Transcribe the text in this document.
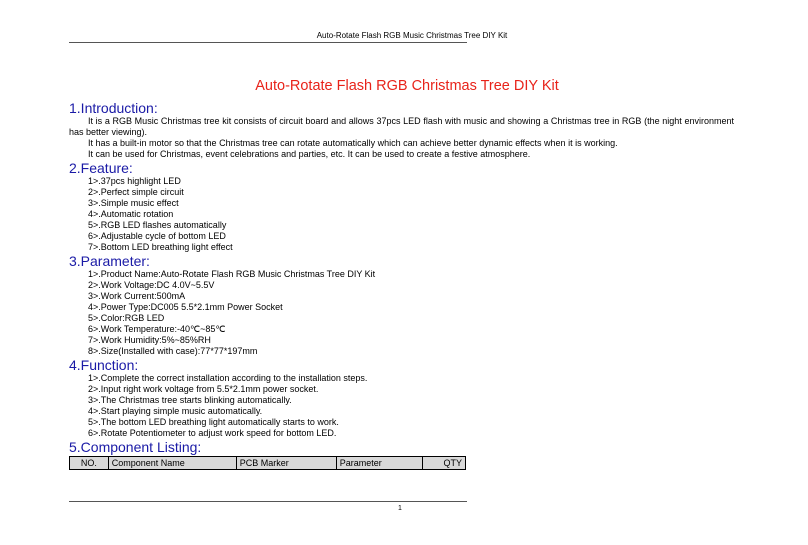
Auto-Rotate Flash RGB Music Christmas Tree DIY Kit
Auto-Rotate Flash RGB Christmas Tree DIY Kit
1.Introduction:

It is a RGB Music Christmas tree kit consists of circuit board and allows 37pcs LED flash with music and showing a Christmas tree in RGB (the night environment has better viewing).

It has a built-in motor so that the Christmas tree can rotate automatically which can achieve better dynamic effects when it is working.

It can be used for Christmas, event celebrations and parties, etc. It can be used to create a festive atmosphere.

2.Feature:
1>.37pcs highlight LED
2>.Perfect simple circuit
3>.Simple music effect
4>.Automatic rotation
5>.RGB LED flashes automatically
6>.Adjustable cycle of bottom LED
7>.Bottom LED breathing light effect
3.Parameter:
1>.Product Name:Auto-Rotate Flash RGB Music Christmas Tree DIY Kit
2>.Work Voltage:DC 4.0V~5.5V
3>.Work Current:500mA
4>.Power Type:DC005 5.5*2.1mm Power Socket
5>.Color:RGB LED
6>.Work Temperature:-40℃~85℃
7>.Work Humidity:5%~85%RH
8>.Size(Installed with case):77*77*197mm
4.Function:
1>.Complete the correct installation according to the installation steps.
2>.Input right work voltage from 5.5*2.1mm power socket.
3>.The Christmas tree starts blinking automatically.
4>.Start playing simple music automatically.
5>.The bottom LED breathing light automatically starts to work.
6>.Rotate Potentiometer to adjust work speed for bottom LED.
5.Component Listing:
NO.	Component Name	PCB Marker	Parameter	QTY
1
